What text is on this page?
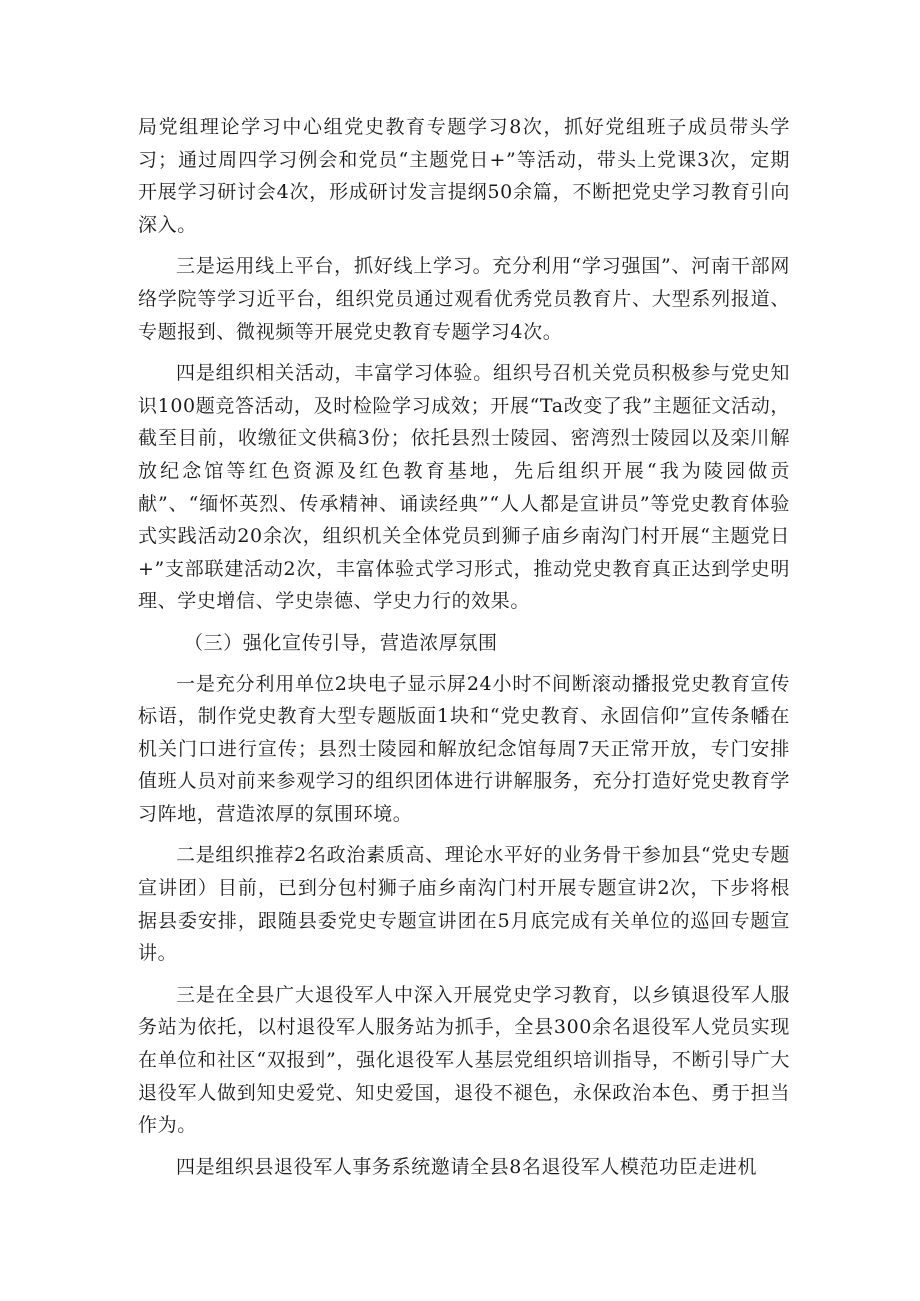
局党组理论学习中心组党史教育专题学习8次，抓好党组班子成员带头学习；通过周四学习例会和党员“主题党日+”等活动，带头上党课3次，定期开展学习研讨会4次，形成研讨发言提纲50余篇，不断把党史学习教育引向深入。

三是运用线上平台，抓好线上学习。充分利用“学习强国”、河南干部网络学院等学习近平台，组织党员通过观看优秀党员教育片、大型系列报道、专题报到、微视频等开展党史教育专题学习4次。

四是组织相关活动，丰富学习体验。组织号召机关党员积极参与党史知识100题竞答活动，及时检险学习成效；开展“Ta改变了我”主题征文活动，截至目前，收缴征文供稿3份；依托县烈士陵园、密湾烈士陵园以及栾川解放纪念馆等红色资源及红色教育基地，先后组织开展“我为陵园做贡献”、“缅怀英烈、传承精神、诵读经典”“人人都是宣讲员”等党史教育体验式实践活动20余次，组织机关全体党员到狮子庙乡南沟门村开展“主题党日+”支部联建活动2次，丰富体验式学习形式，推动党史教育真正达到学史明理、学史增信、学史崇德、学史力行的效果。

（三）强化宣传引导，营造浓厚氛围

一是充分利用单位2块电子显示屏24小时不间断滚动播报党史教育宣传标语，制作党史教育大型专题版面1块和“党史教育、永固信仰”宣传条幡在机关门口进行宣传；县烈士陵园和解放纪念馆每周7天正常开放，专门安排值班人员对前来参观学习的组织团体进行讲解服务，充分打造好党史教育学习阵地，营造浓厚的氛围环境。

二是组织推荐2名政治素质高、理论水平好的业务骨干参加县“党史专题宣讲团）目前，已到分包村狮子庙乡南沟门村开展专题宣讲2次，下步将根据县委安排，跟随县委党史专题宣讲团在5月底完成有关单位的巡回专题宣讲。

三是在全县广大退役军人中深入开展党史学习教育，以乡镇退役军人服务站为依托，以村退役军人服务站为抓手，全县300余名退役军人党员实现在单位和社区“双报到”，强化退役军人基层党组织培训指导，不断引导广大退役军人做到知史爱党、知史爱国，退役不褪色，永保政治本色、勇于担当作为。

四是组织县退役军人事务系统邀请全县8名退役军人模范功臣走进机
